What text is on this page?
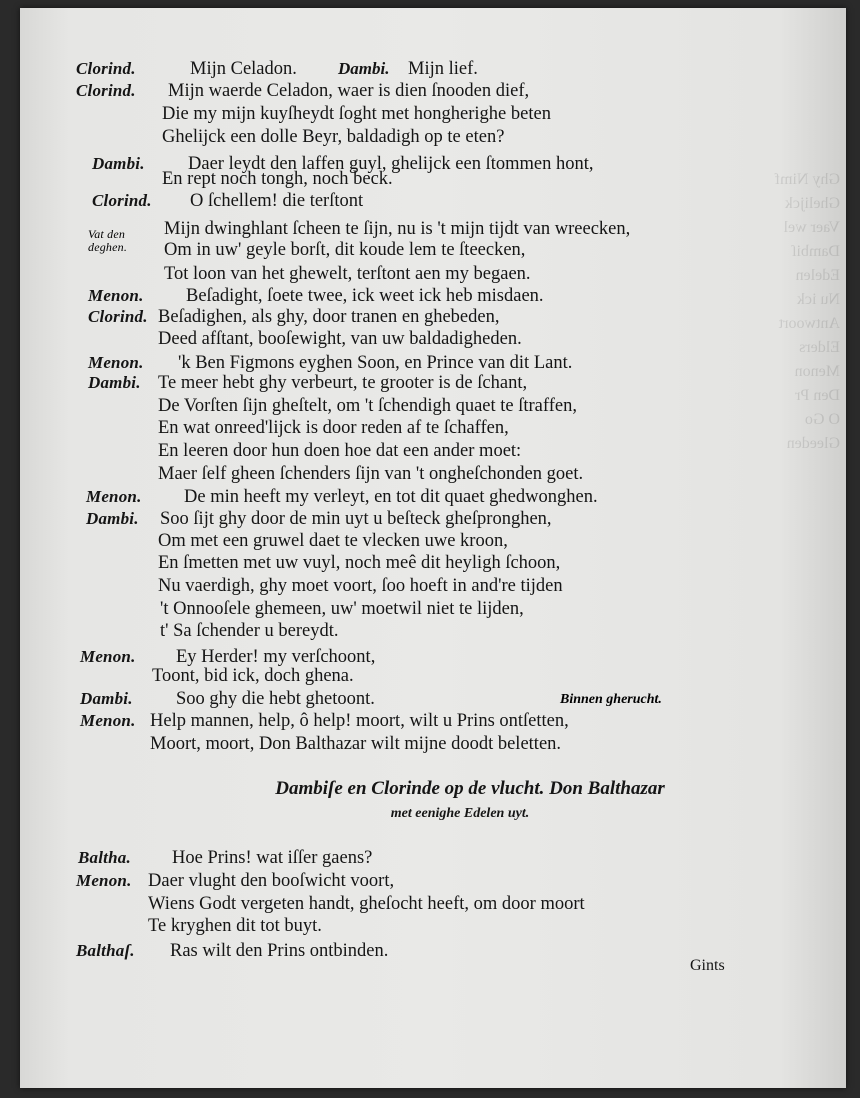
Ghy Nimf
Ghelijck
Vaer wel
Dambiſ
Edelen
Nu ick
Antwoort
Elders
Menon
Den Pr
O Go
Gleeden
Clorind.	Mijn Celadon. Dambi. Mijn lief.
Clorind. Mijn waerde Celadon, waer is dien ſnooden dief,
Die my mijn kuyſheydt ſoght met hongherighe beten
Ghelijck een dolle Beyr, baldadigh op te eten?
Dambi. Daer leydt den laffen guyl, ghelijck een ſtommen hont,
En rept noch tongh, noch beck.
Clorind. O ſchellem! die terſtont
Mijn dwinghlant ſcheen te ſijn, nu is 't mijn tijdt van wreecken,
Om in uw' geyle borſt, dit koude lem te ſteecken,
Tot loon van het ghewelt, terſtont aen my begaen.
Menon. Beſadight, ſoete twee, ick weet ick heb misdaen.
Clorind. Beſadighen, als ghy, door tranen en ghebeden,
Deed afſtant, booſewight, van uw baldadigheden.
Menon. 'k Ben Figmons eyghen Soon, en Prince van dit Lant.
Dambi. Te meer hebt ghy verbeurt, te grooter is de ſchant,
De Vorſten ſijn gheſtelt, om 't ſchendigh quaet te ſtraffen,
En wat onreed'lijck is door reden af te ſchaffen,
En leeren door hun doen hoe dat een ander moet:
Maer ſelf gheen ſchenders ſijn van 't ongheſchonden goet.
Menon. De min heeft my verleyt, en tot dit quaet ghedwonghen.
Dambi. Soo ſijt ghy door de min uyt u beſteck gheſpronghen,
Om met een gruwel daet te vlecken uwe kroon,
En ſmetten met uw vuyl, noch meê dit heyligh ſchoon,
Nu vaerdigh, ghy moet voort, ſoo hoeft in and're tijden
't Onnooſele ghemeen, uw' moetwil niet te lijden,
t' Sa ſchender u bereydt.
Menon. Ey Herder! my verſchoont,
Toont, bid ick, doch ghena.
Dambi. Soo ghy die hebt ghetoont.
Menon. Help mannen, help, ô help! moort, wilt u Prins ontſetten,
Moort, moort, Don Balthazar wilt mijne doodt beletten.
Vat den
deghen.
Binnen gherucht.
Dambiſe en Clorinde op de vlucht. Don Balthazar
met eenighe Edelen uyt.
Baltha. Hoe Prins! wat iſſer gaens?
Menon. Daer vlught den booſwicht voort,
Wiens Godt vergeten handt, gheſocht heeft, om door moort
Te kryghen dit tot buyt.
Balthaſ. Ras wilt den Prins ontbinden.
Gints
